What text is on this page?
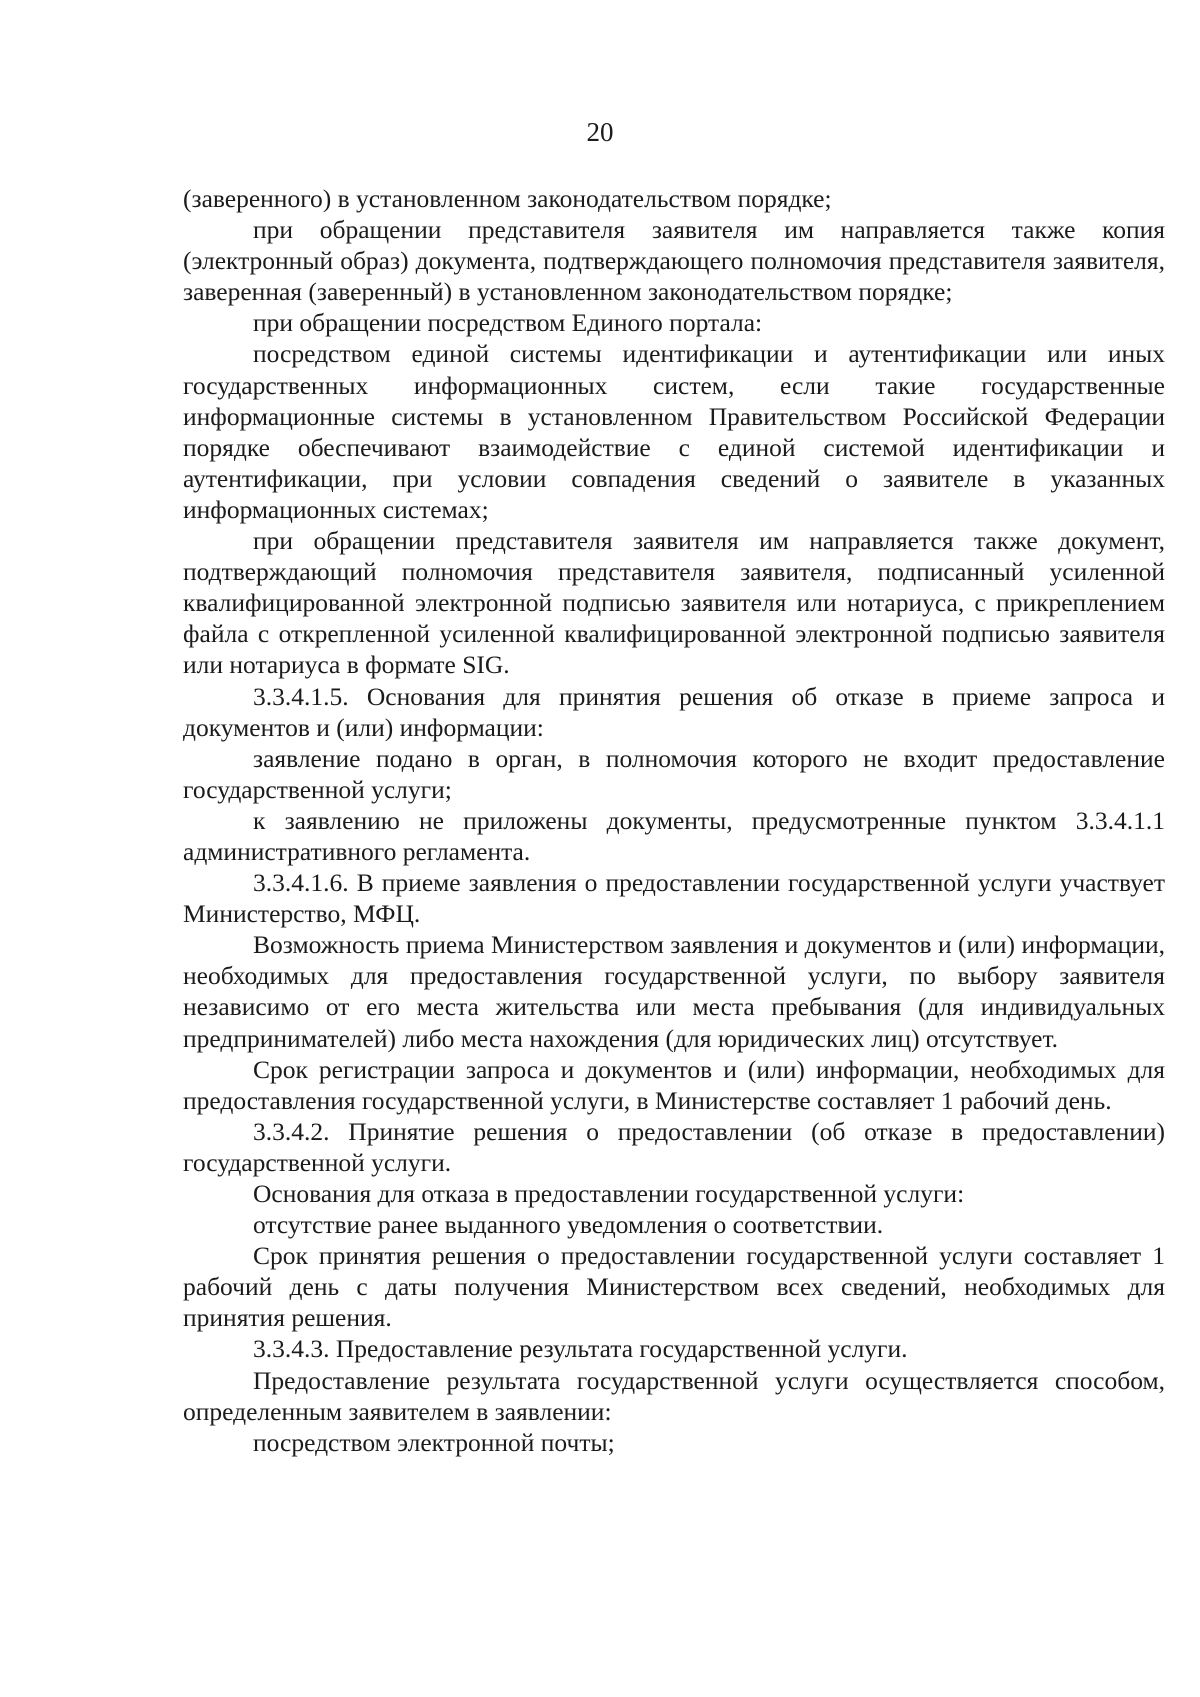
20

(заверенного) в установленном законодательством порядке;

при обращении представителя заявителя им направляется также копия (электронный образ) документа, подтверждающего полномочия представителя заявителя, заверенная (заверенный) в установленном законодательством порядке;

при обращении посредством Единого портала:

посредством единой системы идентификации и аутентификации или иных государственных информационных систем, если такие государственные информационные системы в установленном Правительством Российской Федерации порядке обеспечивают взаимодействие с единой системой идентификации и аутентификации, при условии совпадения сведений о заявителе в указанных информационных системах;

при обращении представителя заявителя им направляется также документ, подтверждающий полномочия представителя заявителя, подписанный усиленной квалифицированной электронной подписью заявителя или нотариуса, с прикреплением файла с открепленной усиленной квалифицированной электронной подписью заявителя или нотариуса в формате SIG.

3.3.4.1.5. Основания для принятия решения об отказе в приеме запроса и документов и (или) информации:

заявление подано в орган, в полномочия которого не входит предоставление государственной услуги;

к заявлению не приложены документы, предусмотренные пунктом 3.3.4.1.1 административного регламента.

3.3.4.1.6. В приеме заявления о предоставлении государственной услуги участвует Министерство, МФЦ.

Возможность приема Министерством заявления и документов и (или) информации, необходимых для предоставления государственной услуги, по выбору заявителя независимо от его места жительства или места пребывания (для индивидуальных предпринимателей) либо места нахождения (для юридических лиц) отсутствует.

Срок регистрации запроса и документов и (или) информации, необходимых для предоставления государственной услуги, в Министерстве составляет 1 рабочий день.

3.3.4.2. Принятие решения о предоставлении (об отказе в предоставлении) государственной услуги.

Основания для отказа в предоставлении государственной услуги:

отсутствие ранее выданного уведомления о соответствии.

Срок принятия решения о предоставлении государственной услуги составляет 1 рабочий день с даты получения Министерством всех сведений, необходимых для принятия решения.

3.3.4.3. Предоставление результата государственной услуги.

Предоставление результата государственной услуги осуществляется способом, определенным заявителем в заявлении:

посредством электронной почты;
